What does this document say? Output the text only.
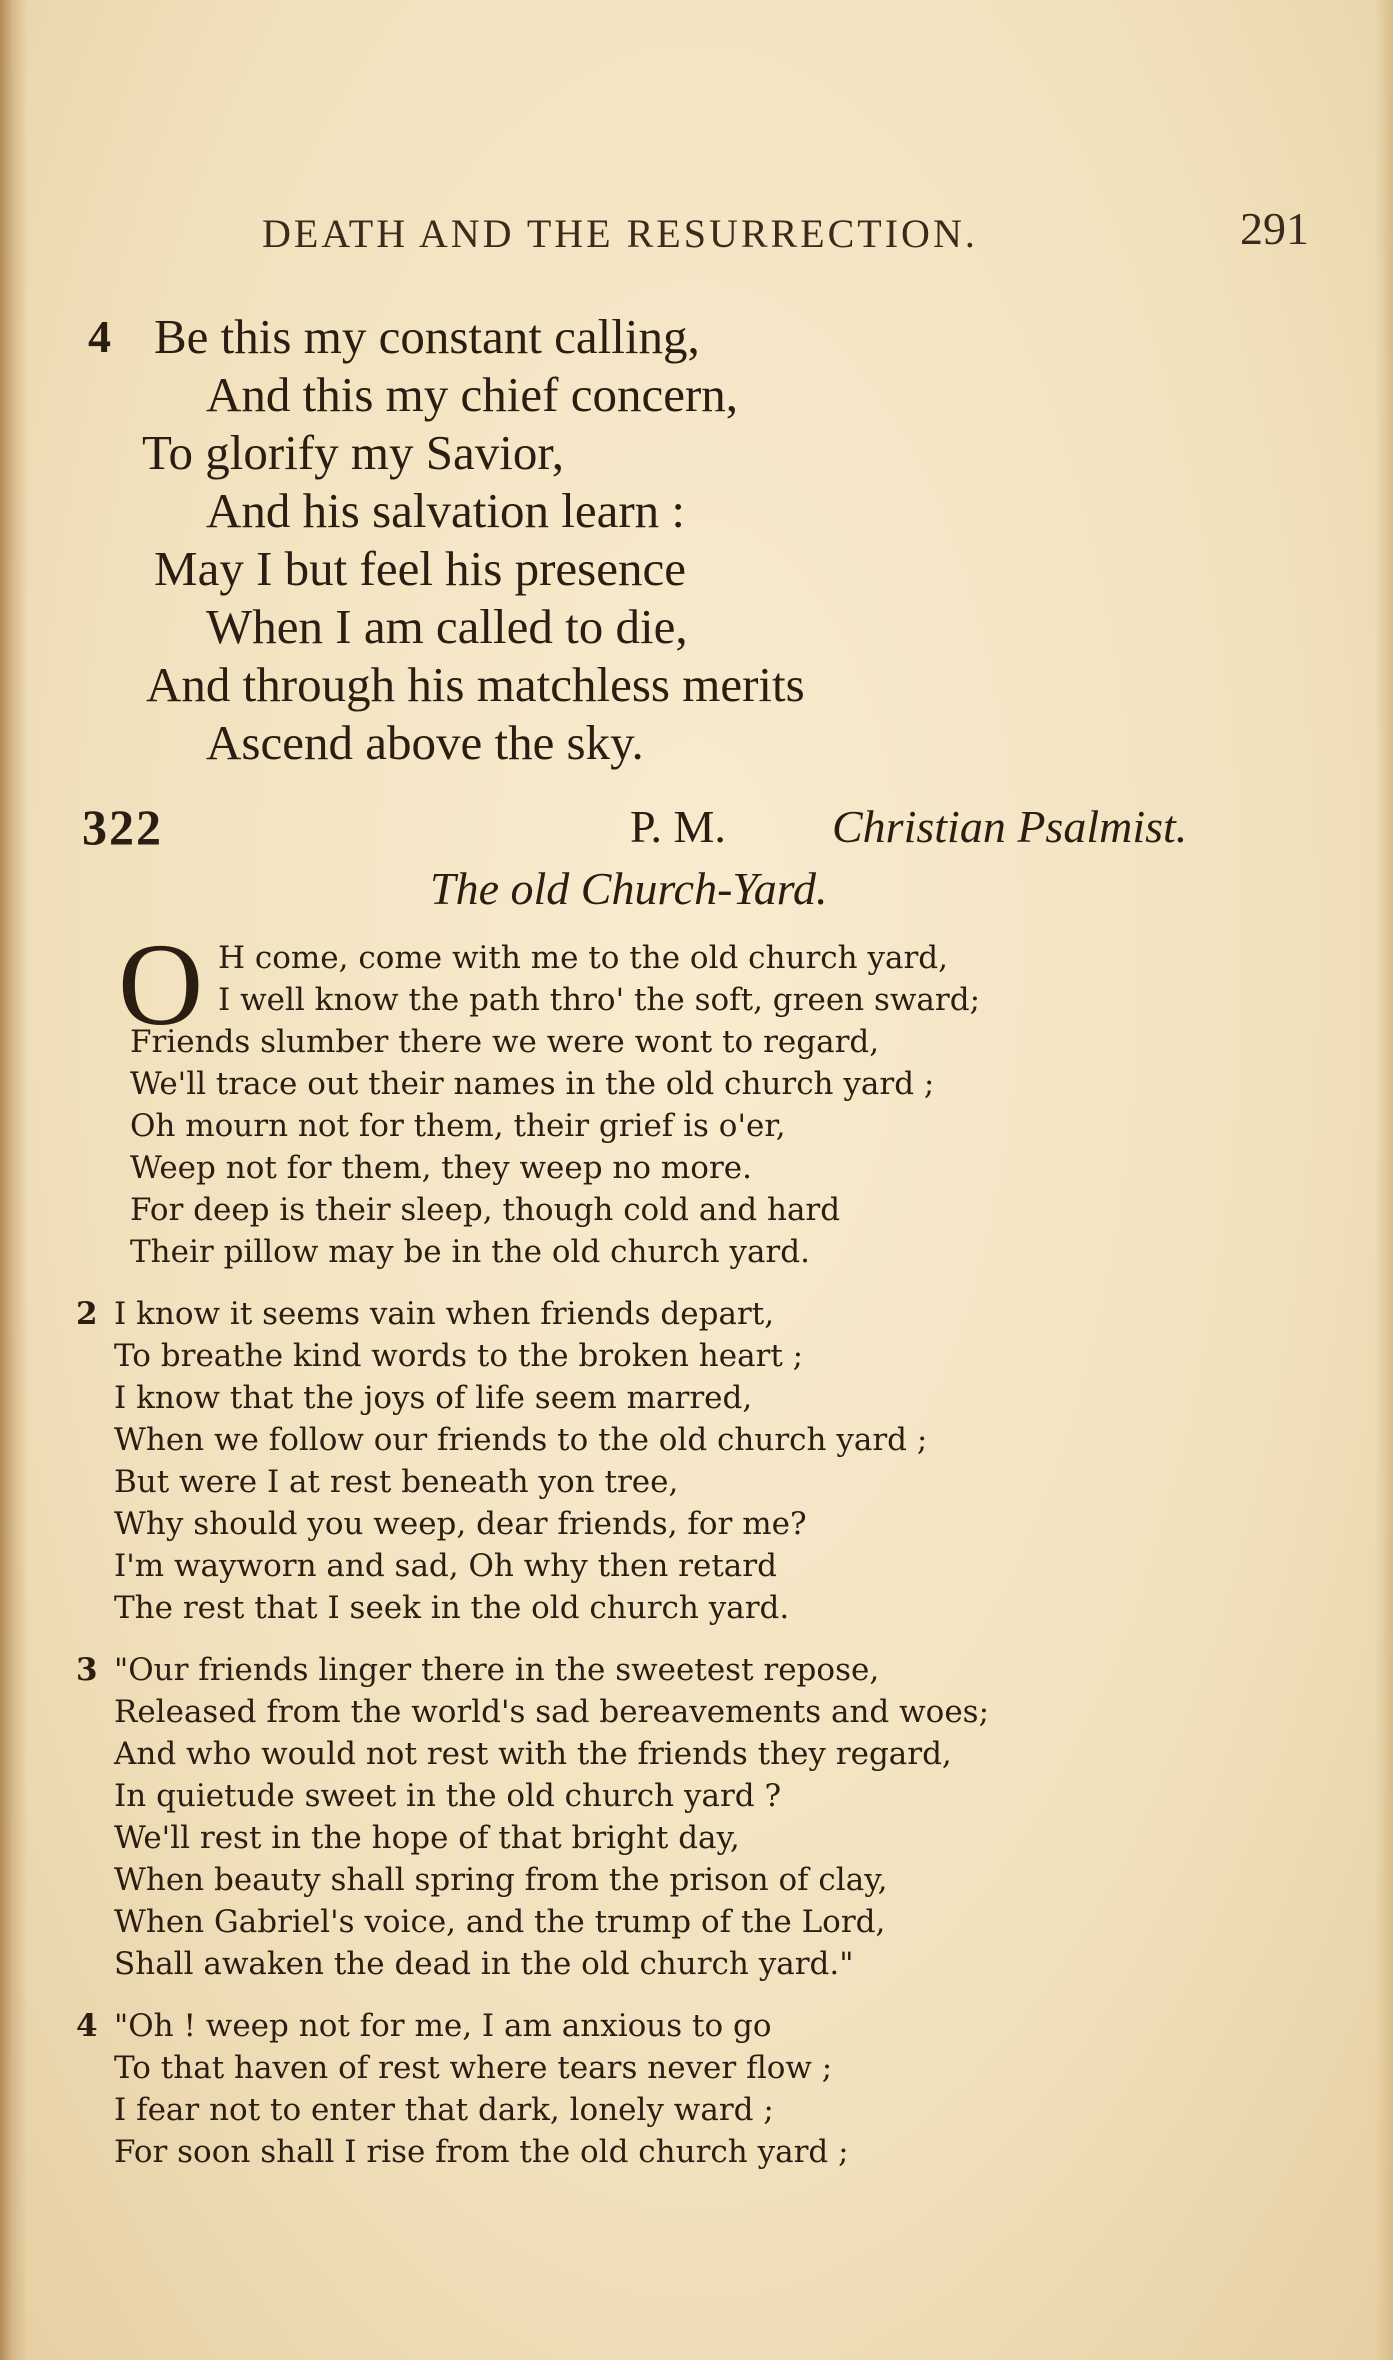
DEATH AND THE RESURRECTION.	291
4 Be this my constant calling,
And this my chief concern,
To glorify my Savior,
And his salvation learn :
May I but feel his presence
When I am called to die,
And through his matchless merits
Ascend above the sky.
322	P. M. Christian Psalmist.
The old Church-Yard.
O H come, come with me to the old church yard,
I well know the path thro' the soft, green sward;
Friends slumber there we were wont to regard,
We'll trace out their names in the old church yard ;
Oh mourn not for them, their grief is o'er,
Weep not for them, they weep no more.
For deep is their sleep, though cold and hard
Their pillow may be in the old church yard.
2 I know it seems vain when friends depart,
To breathe kind words to the broken heart ;
I know that the joys of life seem marred,
When we follow our friends to the old church yard ;
But were I at rest beneath yon tree,
Why should you weep, dear friends, for me?
I'm wayworn and sad, Oh why then retard
The rest that I seek in the old church yard.
3 "Our friends linger there in the sweetest repose,
Released from the world's sad bereavements and woes;
And who would not rest with the friends they regard,
In quietude sweet in the old church yard ?
We'll rest in the hope of that bright day,
When beauty shall spring from the prison of clay,
When Gabriel's voice, and the trump of the Lord,
Shall awaken the dead in the old church yard."
4 "Oh ! weep not for me, I am anxious to go
To that haven of rest where tears never flow ;
I fear not to enter that dark, lonely ward ;
For soon shall I rise from the old church yard ;
